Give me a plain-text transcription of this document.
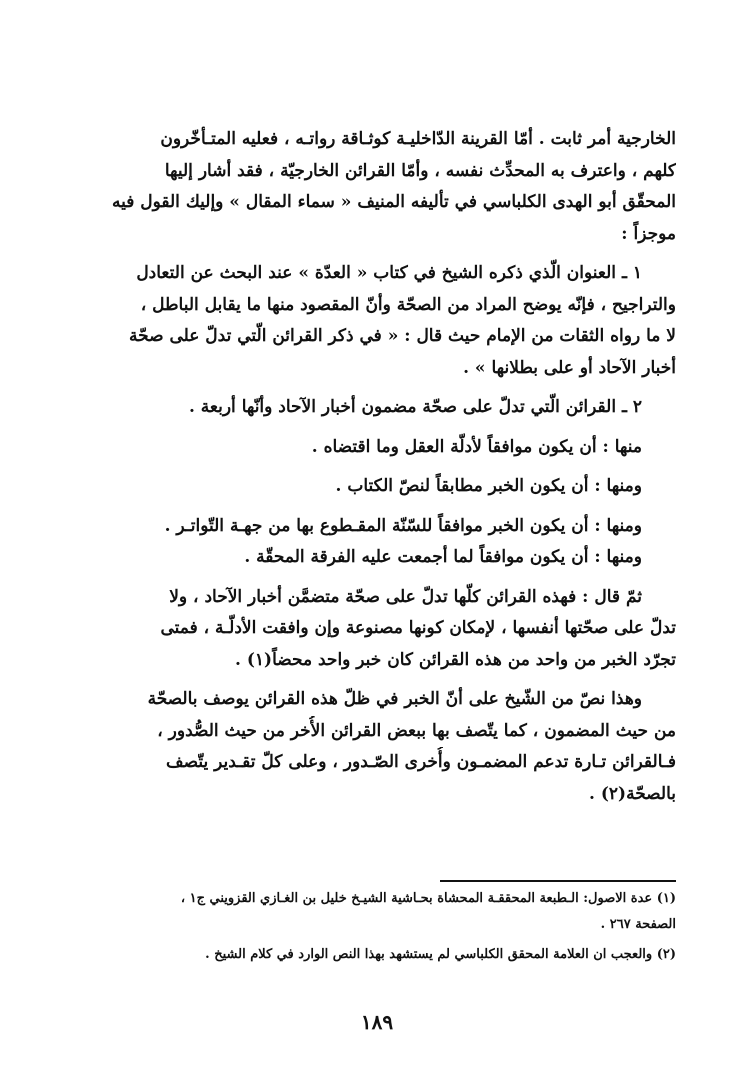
الخارجية أمر ثابت . أمّا القرينة الدّاخليـة كوثـاقة رواتـه ، فعليه المتـأخّرون
كلهم ، واعترف به المحدِّث نفسه ، وأمّا القرائن الخارجيّة ، فقد أشار إليها
المحقّق أبو الهدى الكلباسي في تأليفه المنيف « سماء المقال » وإليك القول فيه
موجزاً :
١ ـ العنوان الّذي ذكره الشيخ في كتاب « العدّة » عند البحث عن التعادل
والتراجيح ، فإنّه يوضح المراد من الصحّة وأنّ المقصود منها ما يقابل الباطل ،
لا ما رواه الثقات من الإمام حيث قال : « في ذكر القرائن الّتي تدلّ على صحّة
أخبار الآحاد أو على بطلانها » .
٢ ـ القرائن الّتي تدلّ على صحّة مضمون أخبار الآحاد وأنّها أربعة .
منها : أن يكون موافقاً لأدلّة العقل وما اقتضاه .
ومنها : أن يكون الخبر مطابقاً لنصّ الكتاب .
ومنها : أن يكون الخبر موافقاً للسّنّة المقـطوع بها من جهـة التّواتـر .
ومنها : أن يكون موافقاً لما أجمعت عليه الفرقة المحقّة .
ثمّ قال : فهذه القرائن كلّها تدلّ على صحّة متضمَّن أخبار الآحاد ، ولا
تدلّ على صحّتها أنفسها ، لإمكان كونها مصنوعة وإن وافقت الأدلّـة ، فمتى
تجرّد الخبر من واحد من هذه القرائن كان خبر واحد محضاً(١) .
وهذا نصّ من الشّيخ على أنّ الخبر في ظلّ هذه القرائن يوصف بالصحّة
من حيث المضمون ، كما يتّصف بها ببعض القرائن الأُخر من حيث الصُّدور ،
فـالقرائن تـارة تدعم المضمـون وأُخرى الصّـدور ، وعلى كلّ تقـدير يتّصف
بالصحّة(٢) .
(١) عدة الاصول: الـطبعة المحققـة المحشاة بحـاشية الشيـخ خليل بن الغـازي القزويني ج١ ،
الصفحة ٢٦٧ .
(٢) والعجب ان العلامة المحقق الكلباسي لم يستشهد بهذا النص الوارد في كلام الشيخ .
١٨٩
